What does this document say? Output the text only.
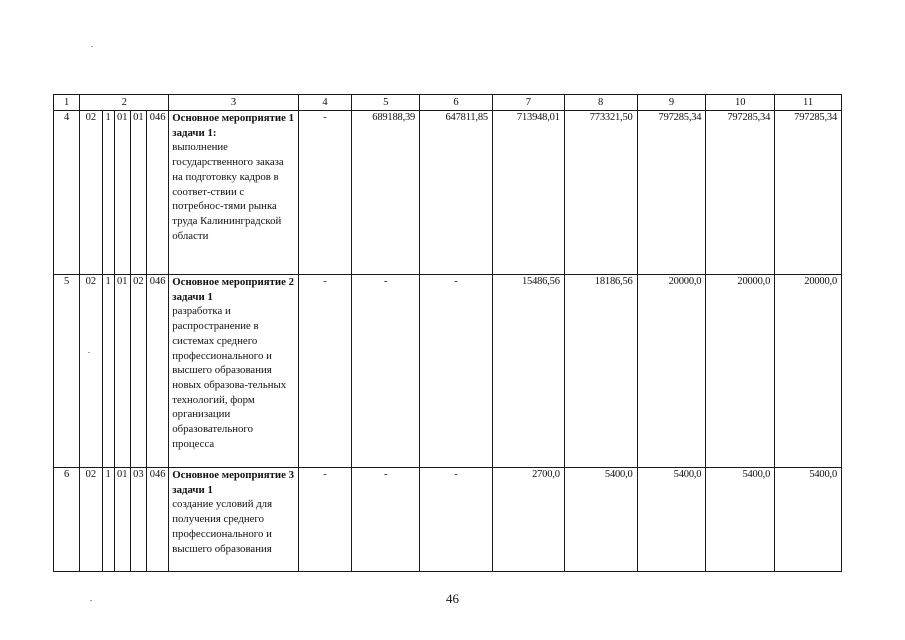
1	2					3	4	5	6	7	8	9	10	11
4	02	1	01	01	046	Основное мероприятие 1 задачи 1:
выполнение государственного заказа на подготовку кадров в соответ-ствии с потребнос-тями рынка труда Калининградской области	-	689188,39	647811,85	713948,01	773321,50	797285,34	797285,34	797285,34
5	02	1	01	02	046	Основное мероприятие 2 задачи 1
разработка и распространение в системах среднего профессионального и высшего образования новых образова-тельных технологий, форм организации образовательного процесса	-	-	-	15486,56	18186,56	20000,0	20000,0	20000,0
6	02	1	01	03	046	Основное мероприятие 3 задачи 1
создание условий для получения среднего профессионального и высшего образования	-	-	-	2700,0	5400,0	5400,0	5400,0	5400,0
46
